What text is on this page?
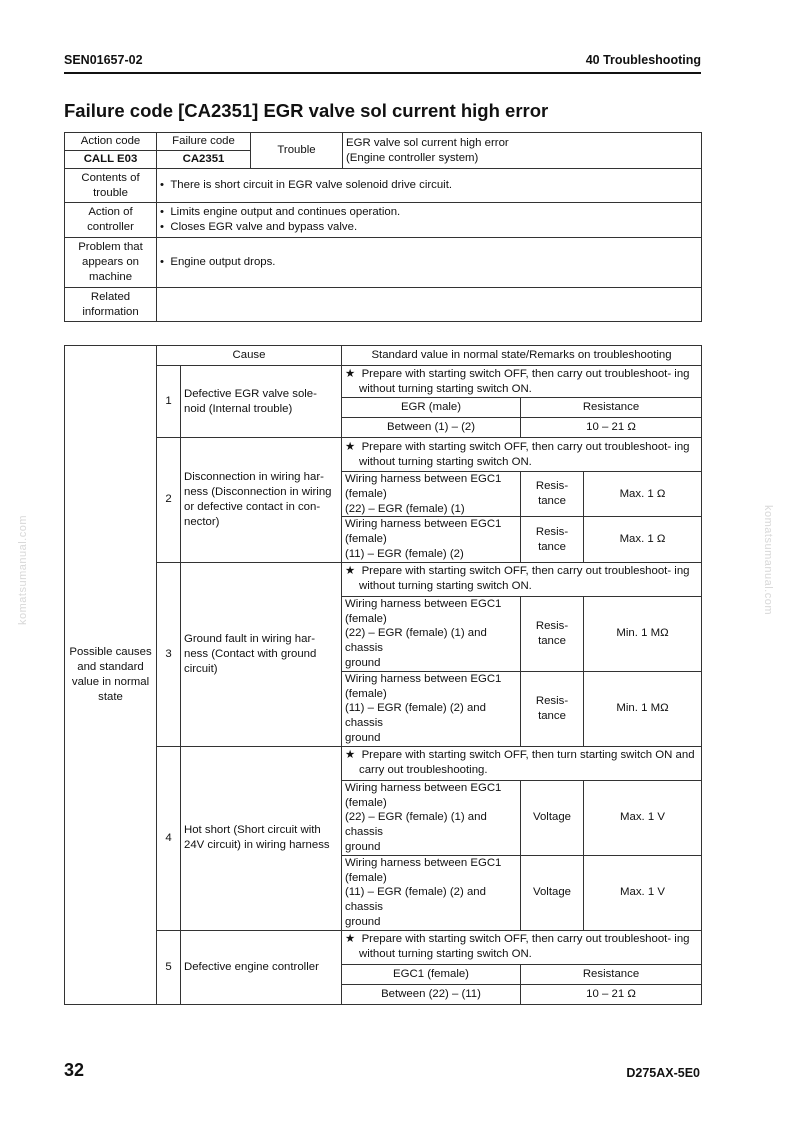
SEN01657-02	40 Troubleshooting
Failure code [CA2351] EGR valve sol current high error
Action code	Failure code	Trouble	EGR valve sol current high error
(Engine controller system)

CALL E03	CA2351		

Contents of
trouble	• There is short circuit in EGR valve solenoid drive circuit.		

Action of
controller	• Limits engine output and continues operation.
• Closes EGR valve and bypass valve.		

Problem that
appears on
machine	• Engine output drops.		

Related
information			

Possible causes
and standard
value in normal
state	Cause		Standard value in normal state/Remarks on troubleshooting		
	1	Defective EGR valve sole-
noid (Internal trouble)	★ Prepare with starting switch OFF, then carry out troubleshoot- ing without turning starting switch ON.		

			EGR (male)	Resistance	
			Between (1) – (2)	10 – 21 Ω	
	2	Disconnection in wiring har-
ness (Disconnection in wiring
or defective contact in con-
nector)	★ Prepare with starting switch OFF, then carry out troubleshoot- ing without turning starting switch ON.		

			Wiring harness between EGC1 (female)
(22) – EGR (female) (1)	Resis-
tance	Max. 1 Ω

			Wiring harness between EGC1 (female)
(11) – EGR (female) (2)	Resis-
tance	Max. 1 Ω
	3	Ground fault in wiring har-
ness (Contact with ground
circuit)	★ Prepare with starting switch OFF, then carry out troubleshoot- ing without turning starting switch ON.		

			Wiring harness between EGC1 (female)
(22) – EGR (female) (1) and chassis
ground	Resis-
tance	Min. 1 MΩ

			Wiring harness between EGC1 (female)
(11) – EGR (female) (2) and chassis
ground	Resis-
tance	Min. 1 MΩ
	4	Hot short (Short circuit with
24V circuit) in wiring harness	★ Prepare with starting switch OFF, then turn starting switch ON and carry out troubleshooting.		

			Wiring harness between EGC1 (female)
(22) – EGR (female) (1) and chassis
ground	Voltage	Max. 1 V

			Wiring harness between EGC1 (female)
(11) – EGR (female) (2) and chassis
ground	Voltage	Max. 1 V
	5	Defective engine controller	★ Prepare with starting switch OFF, then carry out troubleshoot- ing without turning starting switch ON.		

			EGC1 (female)	Resistance	
			Between (22) – (11)	10 – 21 Ω	
komatsumanual.com	komatsumanual.com
32	D275AX-5E0
